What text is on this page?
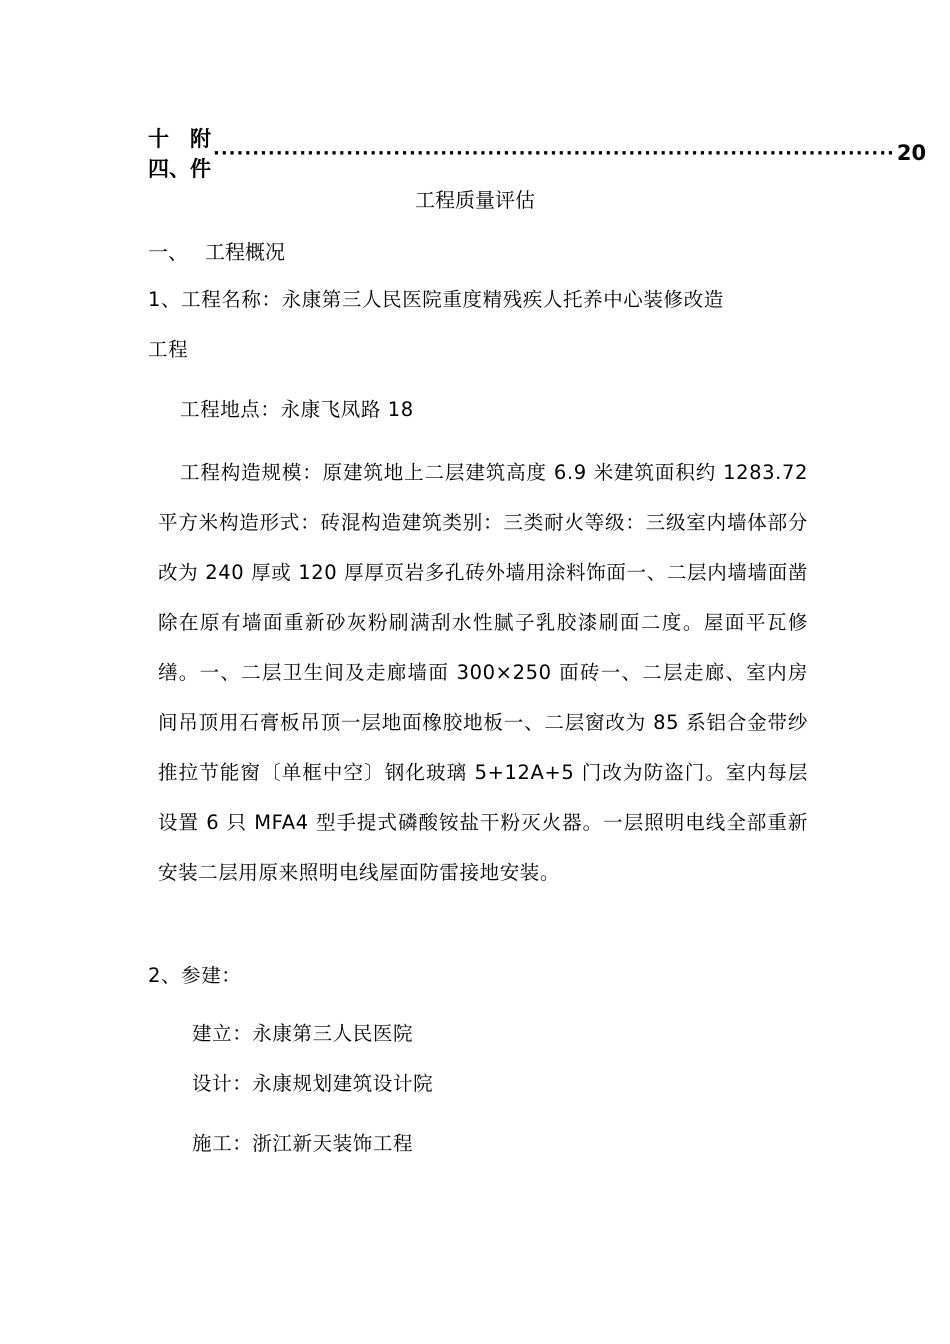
十四、
附件
······················································································· 20
工程质量评估
一、 工程概况
1、工程名称：永康第三人民医院重度精残疾人托养中心装修改造
工程
工程地点：永康飞凤路 18
工程构造规模：原建筑地上二层建筑高度 6.9 米建筑面积约 1283.72 平方米构造形式：砖混构造建筑类别：三类耐火等级：三级室内墙体部分改为 240 厚或 120 厚厚页岩多孔砖外墙用涂料饰面一、二层内墙墙面凿除在原有墙面重新砂灰粉刷满刮水性腻子乳胶漆刷面二度。屋面平瓦修缮。一、二层卫生间及走廊墙面 300×250 面砖一、二层走廊、室内房间吊顶用石膏板吊顶一层地面橡胶地板一、二层窗改为 85 系铝合金带纱推拉节能窗〔单框中空〕钢化玻璃 5+12A+5 门改为防盗门。室内每层设置 6 只 MFA4 型手提式磷酸铵盐干粉灭火器。一层照明电线全部重新安装二层用原来照明电线屋面防雷接地安装。
2、参建：
建立：永康第三人民医院
设计：永康规划建筑设计院
施工：浙江新天装饰工程
